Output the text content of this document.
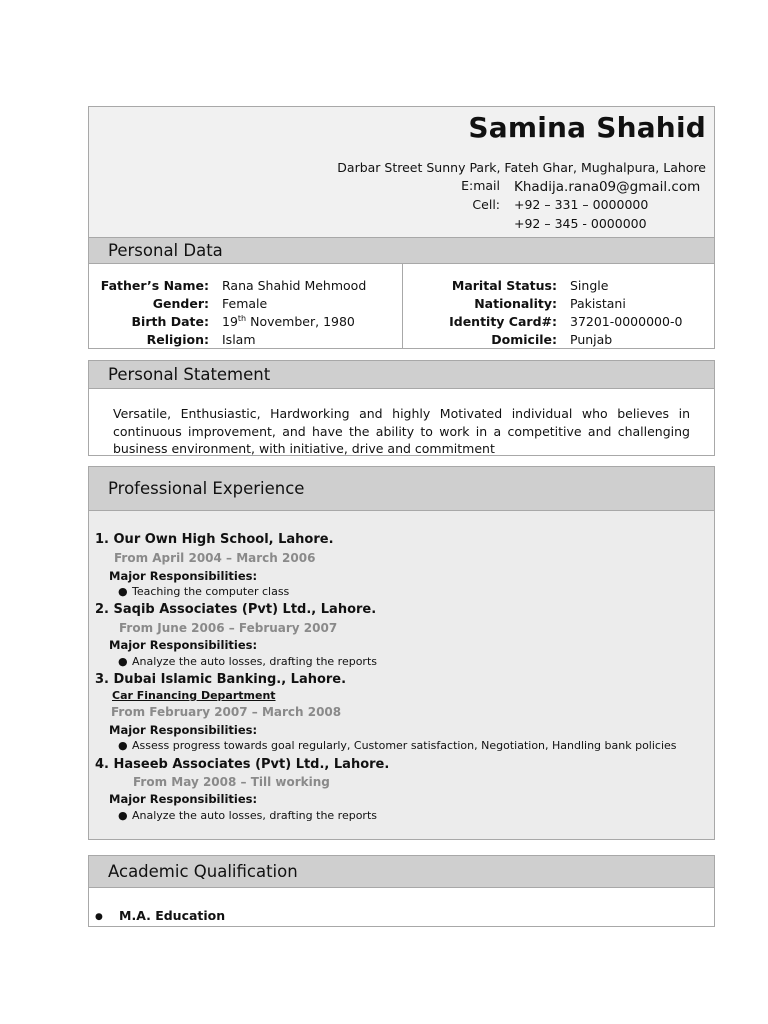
Samina Shahid
Darbar Street Sunny Park, Fateh Ghar, Mughalpura, Lahore
E:mail Khadija.rana09@gmail.com
Cell: +92 – 331 – 0000000
+92 – 345 - 0000000
Personal Data
Father’s Name: Rana Shahid Mehmood
Gender: Female
Birth Date: 19th November, 1980
Religion: Islam
Marital Status: Single
Nationality: Pakistani
Identity Card#: 37201-0000000-0
Domicile: Punjab
Personal Statement

Versatile, Enthusiastic, Hardworking and highly Motivated individual who believes in continuous improvement, and have the ability to work in a competitive and challenging business environment, with initiative, drive and commitment

Professional Experience
1. Our Own High School, Lahore.
From April 2004 – March 2006
Major Responsibilities:
● Teaching the computer class
2. Saqib Associates (Pvt) Ltd., Lahore.
From June 2006 – February 2007
Major Responsibilities:
● Analyze the auto losses, drafting the reports
3. Dubai Islamic Banking., Lahore.
Car Financing Department
From February 2007 – March 2008
Major Responsibilities:
● Assess progress towards goal regularly, Customer satisfaction, Negotiation, Handling bank policies
4. Haseeb Associates (Pvt) Ltd., Lahore.
From May 2008 – Till working
Major Responsibilities:
● Analyze the auto losses, drafting the reports
Academic Qualification
● M.A. Education
